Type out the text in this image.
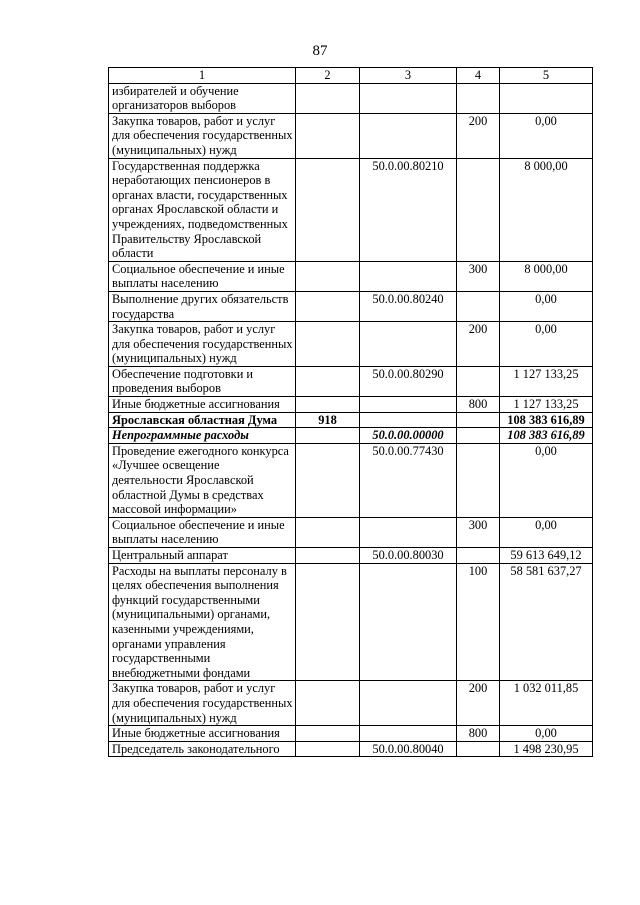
87
1	2	3	4	5
избирателей и обучение организаторов выборов				
Закупка товаров, работ и услуг для обеспечения государственных (муниципальных) нужд			200	0,00
Государственная поддержка неработающих пенсионеров в органах власти, государственных органах Ярославской области и учреждениях, подведомственных Правительству Ярославской области		50.0.00.80210		8 000,00
Социальное обеспечение и иные выплаты населению			300	8 000,00
Выполнение других обязательств государства		50.0.00.80240		0,00
Закупка товаров, работ и услуг для обеспечения государственных (муниципальных) нужд			200	0,00
Обеспечение подготовки и проведения выборов		50.0.00.80290		1 127 133,25
Иные бюджетные ассигнования			800	1 127 133,25
Ярославская областная Дума	918			108 383 616,89
Непрограммные расходы		50.0.00.00000		108 383 616,89
Проведение ежегодного конкурса «Лучшее освещение деятельности Ярославской областной Думы в средствах массовой информации»		50.0.00.77430		0,00
Социальное обеспечение и иные выплаты населению			300	0,00
Центральный аппарат		50.0.00.80030		59 613 649,12
Расходы на выплаты персоналу в целях обеспечения выполнения функций государственными (муниципальными) органами, казенными учреждениями, органами управления государственными внебюджетными фондами			100	58 581 637,27
Закупка товаров, работ и услуг для обеспечения государственных (муниципальных) нужд			200	1 032 011,85
Иные бюджетные ассигнования			800	0,00
Председатель законодательного		50.0.00.80040		1 498 230,95
